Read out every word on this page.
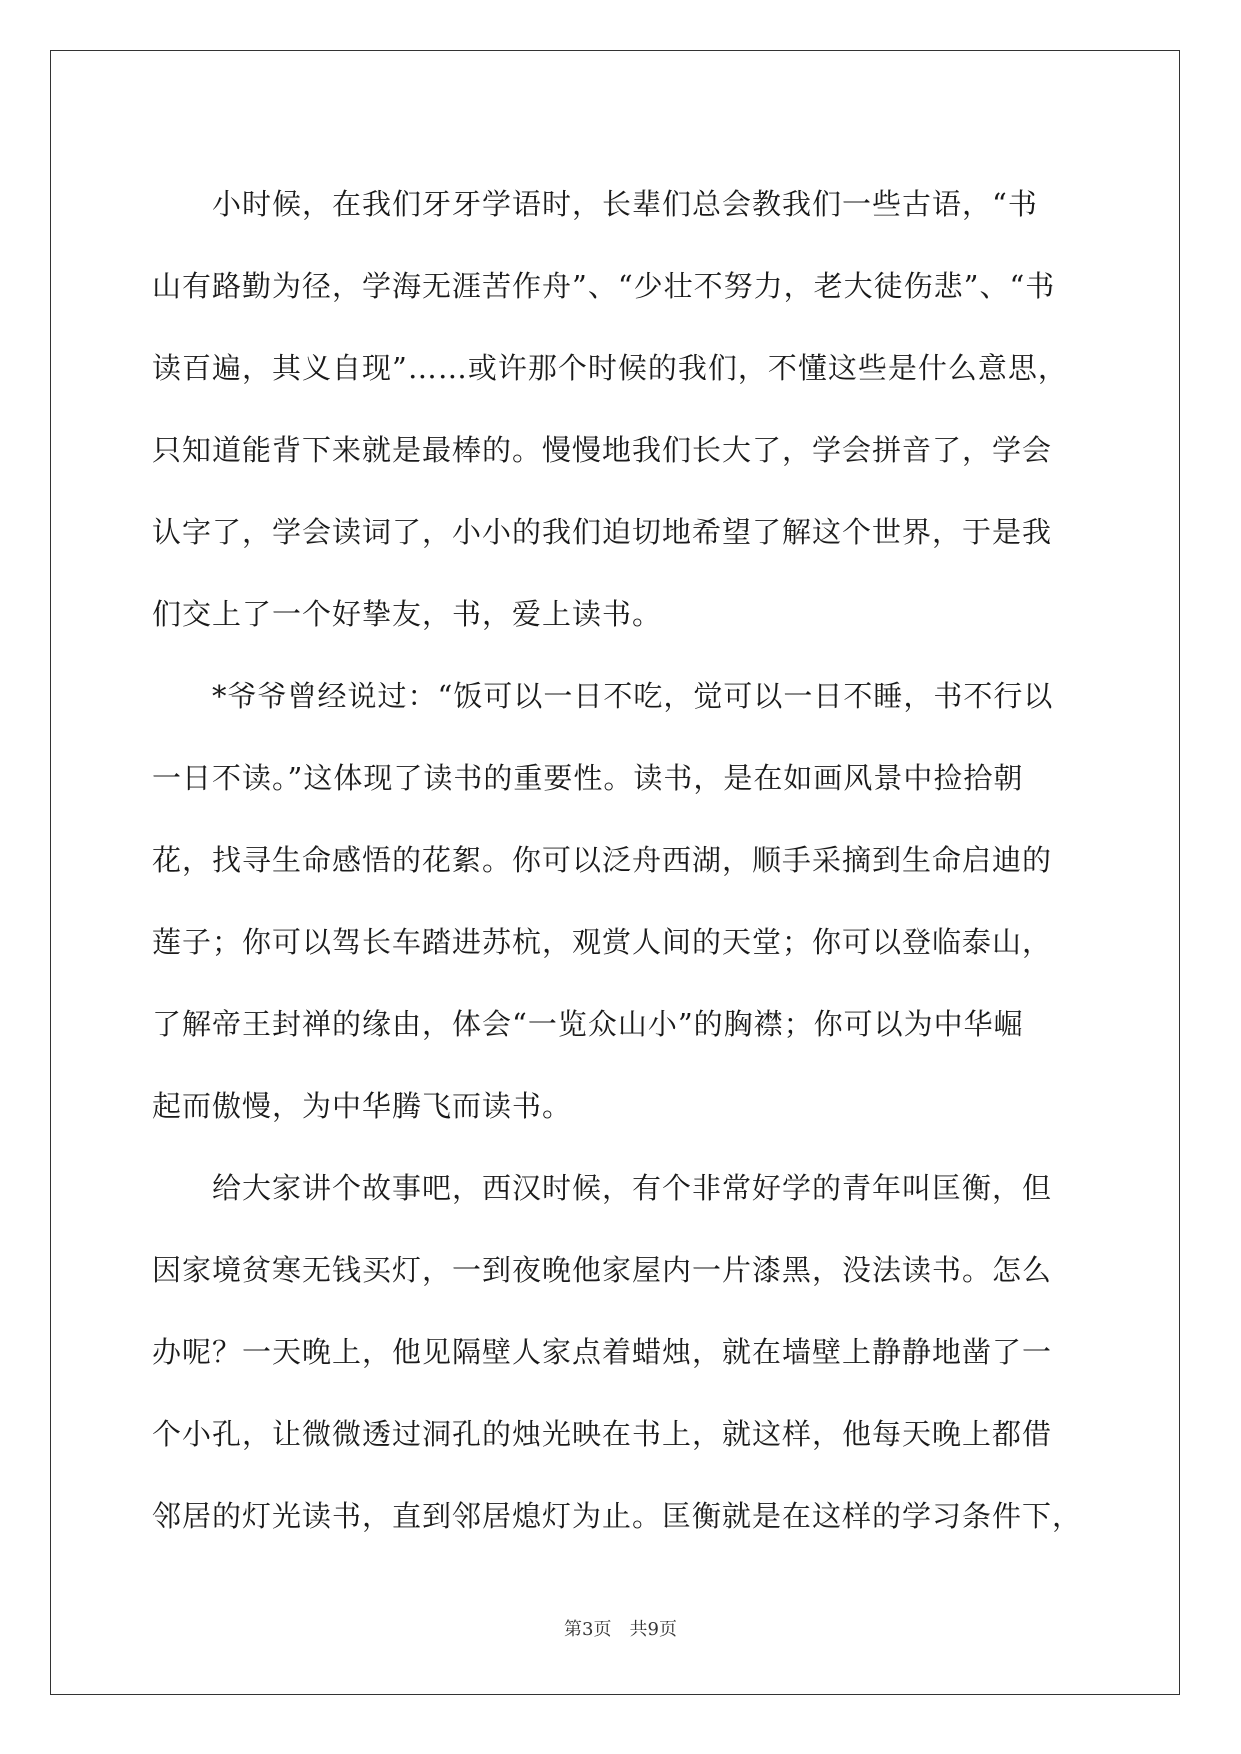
　　小时候，在我们牙牙学语时，长辈们总会教我们一些古语，“书
山有路勤为径，学海无涯苦作舟”、“少壮不努力，老大徒伤悲”、“书
读百遍，其义自现”……或许那个时候的我们，不懂这些是什么意思，
只知道能背下来就是最棒的。慢慢地我们长大了，学会拼音了，学会
认字了，学会读词了，小小的我们迫切地希望了解这个世界，于是我
们交上了一个好挚友，书，爱上读书。
　　*爷爷曾经说过：“饭可以一日不吃，觉可以一日不睡，书不行以
一日不读。”这体现了读书的重要性。读书，是在如画风景中捡拾朝
花，找寻生命感悟的花絮。你可以泛舟西湖，顺手采摘到生命启迪的
莲子；你可以驾长车踏进苏杭，观赏人间的天堂；你可以登临泰山，
了解帝王封禅的缘由，体会“一览众山小”的胸襟；你可以为中华崛
起而傲慢，为中华腾飞而读书。
　　给大家讲个故事吧，西汉时候，有个非常好学的青年叫匡衡，但
因家境贫寒无钱买灯，一到夜晚他家屋内一片漆黑，没法读书。怎么
办呢？一天晚上，他见隔壁人家点着蜡烛，就在墙壁上静静地凿了一
个小孔，让微微透过洞孔的烛光映在书上，就这样，他每天晚上都借
邻居的灯光读书，直到邻居熄灯为止。匡衡就是在这样的学习条件下，
第3页　共9页
